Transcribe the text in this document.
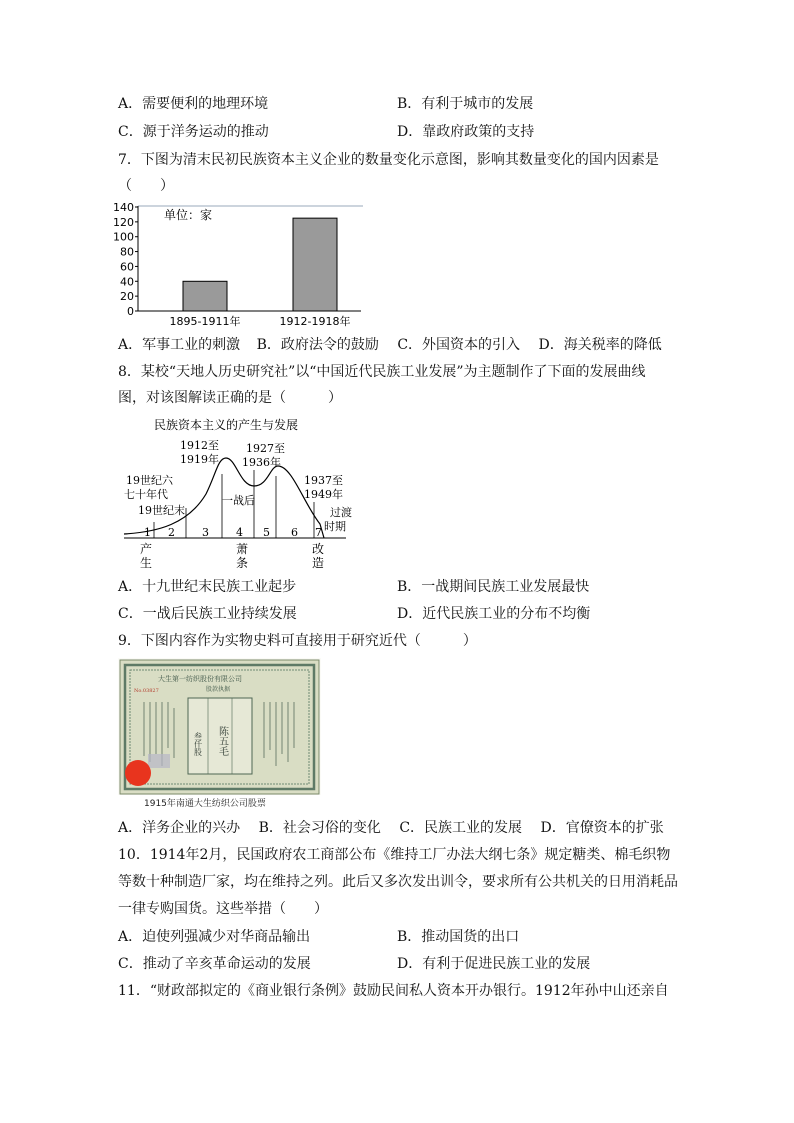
A．需要便利的地理环境	B．有利于城市的发展
C．源于洋务运动的推动	D．靠政府政策的支持
7．下图为清末民初民族资本主义企业的数量变化示意图，影响其数量变化的国内因素是
（　　）
0
20
40
60
80
100
120
140
1895-1911年	1912-1918年
单位：家
A．军事工业的刺激 B．政府法令的鼓励 C．外国资本的引入 D．海关税率的降低
8．某校“天地人历史研究社”以“中国近代民族工业发展”为主题制作了下面的发展曲线
图，对该图解读正确的是（　　　）
民族资本主义的产生与发展
1912至
1919年
1927至
1936年
19世纪六
七十年代
19世纪末
一战后
1937至
1949年
过渡
时期
1 2 3 4 5 6 7
产
生
萧
条
改
造
A．十九世纪末民族工业起步	B．一战期间民族工业发展最快
C．一战后民族工业持续发展	D．近代民族工业的分布不均衡
9．下图内容作为实物史料可直接用于研究近代（　　　）
大生第一纺织股份有限公司
股款执据
No.03827
陈五毛
叁仟股
1915年南通大生纺织公司股票
A．洋务企业的兴办 B．社会习俗的变化 C．民族工业的发展 D．官僚资本的扩张
10．1914年2月，民国政府农工商部公布《维持工厂办法大纲七条》规定糖类、棉毛织物
等数十种制造厂家，均在维持之列。此后又多次发出训令，要求所有公共机关的日用消耗品
一律专购国货。这些举措（　　）
A．迫使列强减少对华商品输出	B．推动国货的出口
C．推动了辛亥革命运动的发展	D．有利于促进民族工业的发展
11．“财政部拟定的《商业银行条例》鼓励民间私人资本开办银行。1912年孙中山还亲自
